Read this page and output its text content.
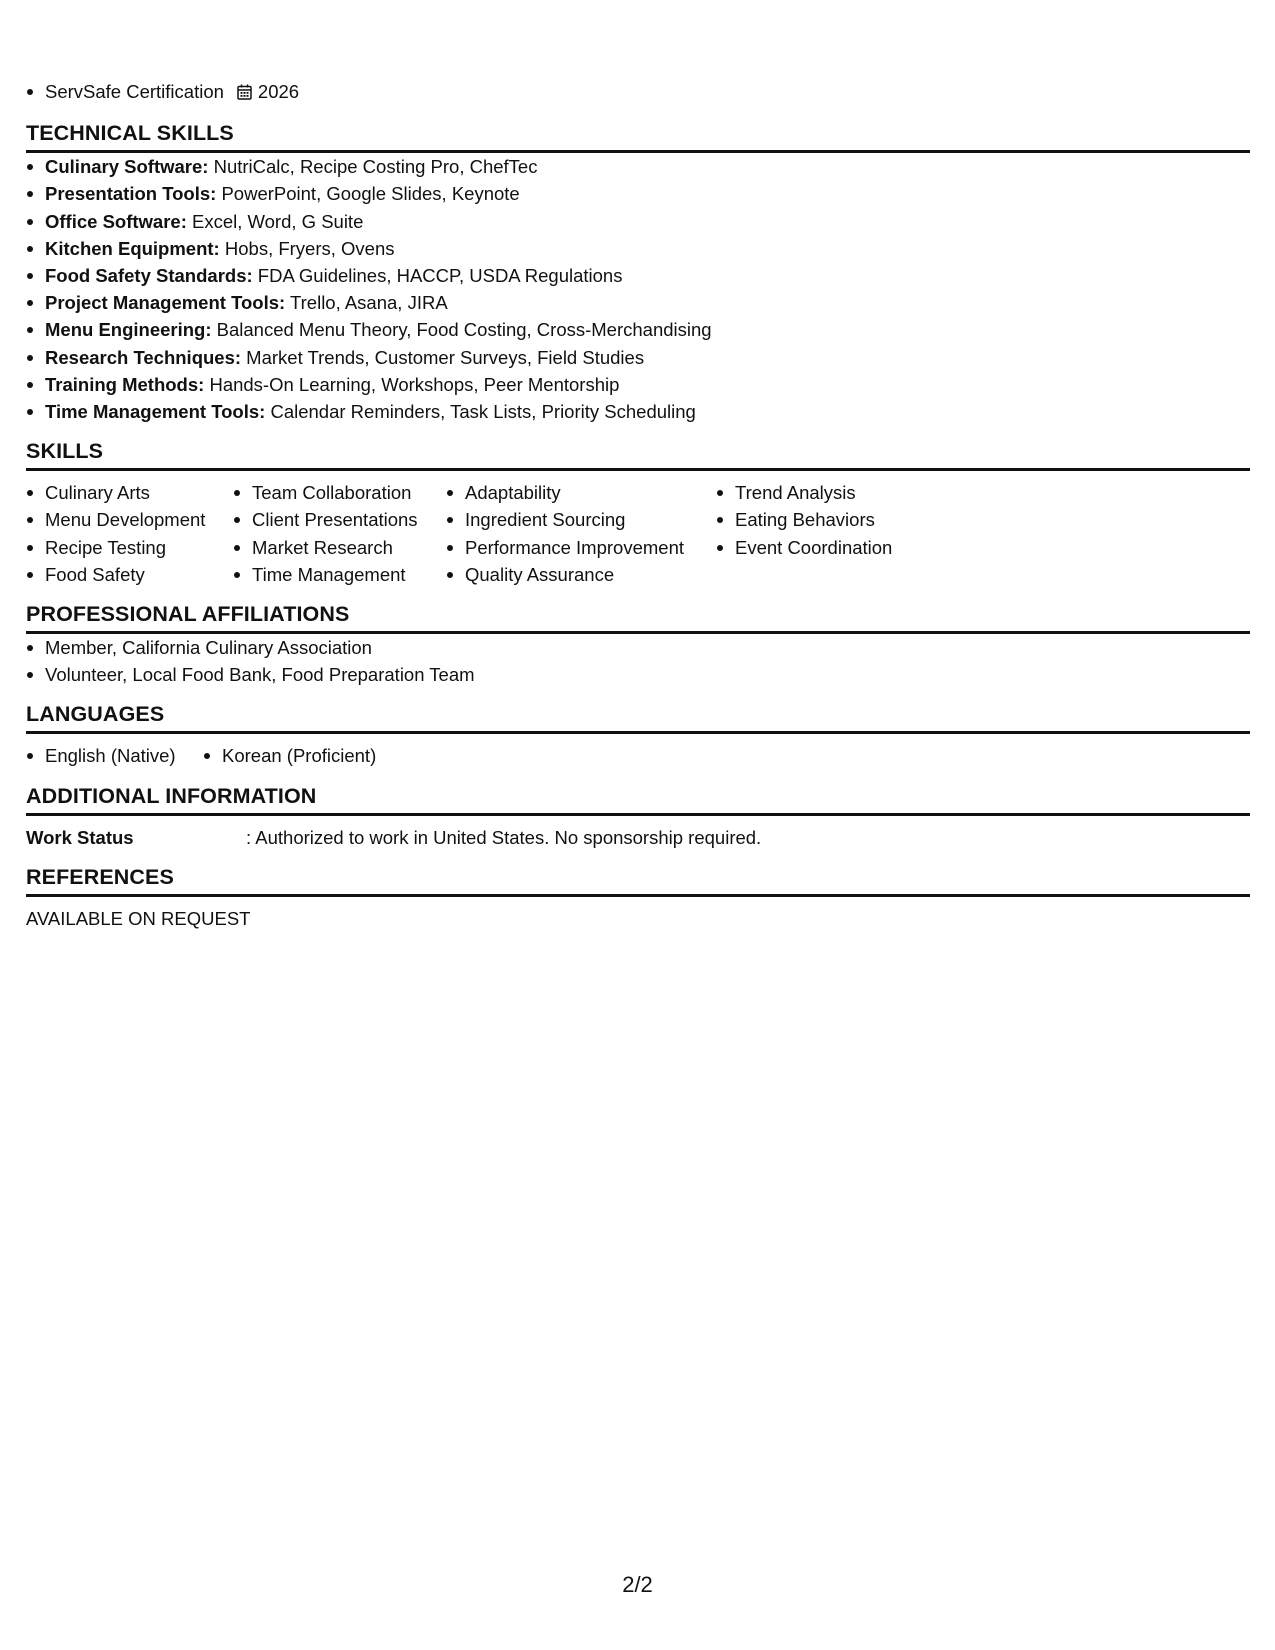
ServSafe Certification 2026
TECHNICAL SKILLS
Culinary Software: NutriCalc, Recipe Costing Pro, ChefTec
Presentation Tools: PowerPoint, Google Slides, Keynote
Office Software: Excel, Word, G Suite
Kitchen Equipment: Hobs, Fryers, Ovens
Food Safety Standards: FDA Guidelines, HACCP, USDA Regulations
Project Management Tools: Trello, Asana, JIRA
Menu Engineering: Balanced Menu Theory, Food Costing, Cross-Merchandising
Research Techniques: Market Trends, Customer Surveys, Field Studies
Training Methods: Hands-On Learning, Workshops, Peer Mentorship
Time Management Tools: Calendar Reminders, Task Lists, Priority Scheduling
SKILLS
Culinary Arts
Menu Development
Recipe Testing
Food Safety
Team Collaboration
Client Presentations
Market Research
Time Management
Adaptability
Ingredient Sourcing
Performance Improvement
Quality Assurance
Trend Analysis
Eating Behaviors
Event Coordination
PROFESSIONAL AFFILIATIONS
Member, California Culinary Association
Volunteer, Local Food Bank, Food Preparation Team
LANGUAGES
English (Native)	Korean (Proficient)
ADDITIONAL INFORMATION
Work Status	: Authorized to work in United States. No sponsorship required.
REFERENCES
AVAILABLE ON REQUEST
2/2
